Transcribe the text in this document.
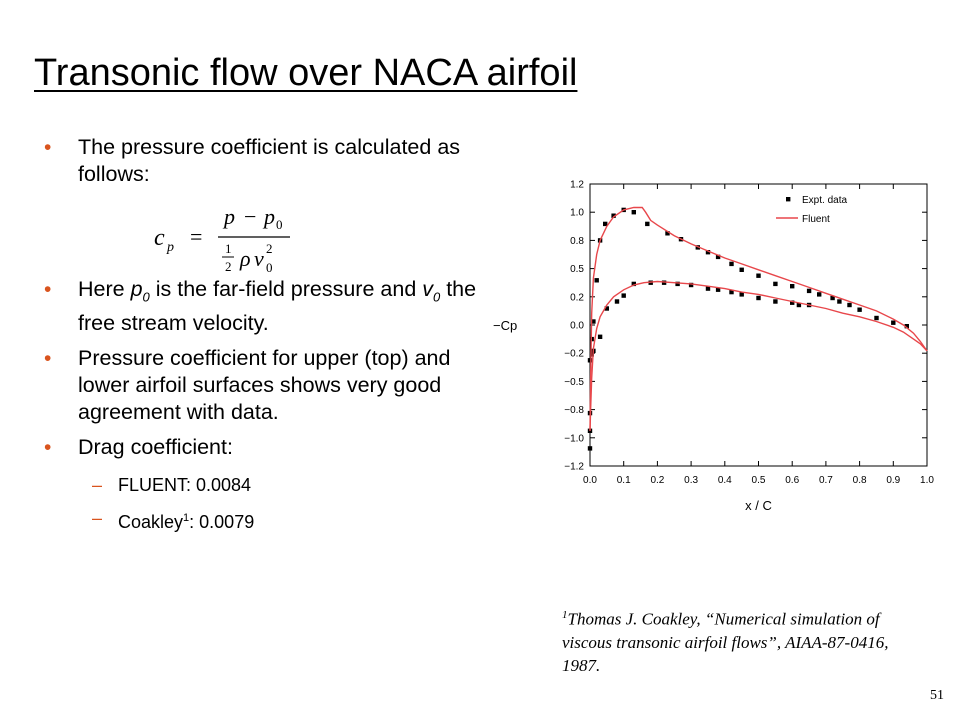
Transonic flow over NACA airfoil
• The pressure coefficient is calculated as follows:
• Here $p_0$ is the far-field pressure and $v_0$ the free stream velocity.
• Pressure coefficient for upper (top) and lower airfoil surfaces shows very good agreement with data.
• Drag coefficient:
– FLUENT: 0.0084
– Coakley$^1$: 0.0079
c p =
p − p 0
1
2 ρ v 2
0
1.2
1.0
0.8
0.5
0.2
0.0
−0.2
−0.5
−0.8
−1.0
−1.2
0.0 0.1 0.2 0.3 0.4 0.5 0.6 0.7 0.8 0.9 1.0
x / C
−Cp
Expt. data
Fluent
$^1$Thomas J. Coakley, “Numerical simulation of viscous transonic airfoil flows”, AIAA-87-0416, 1987.
51
